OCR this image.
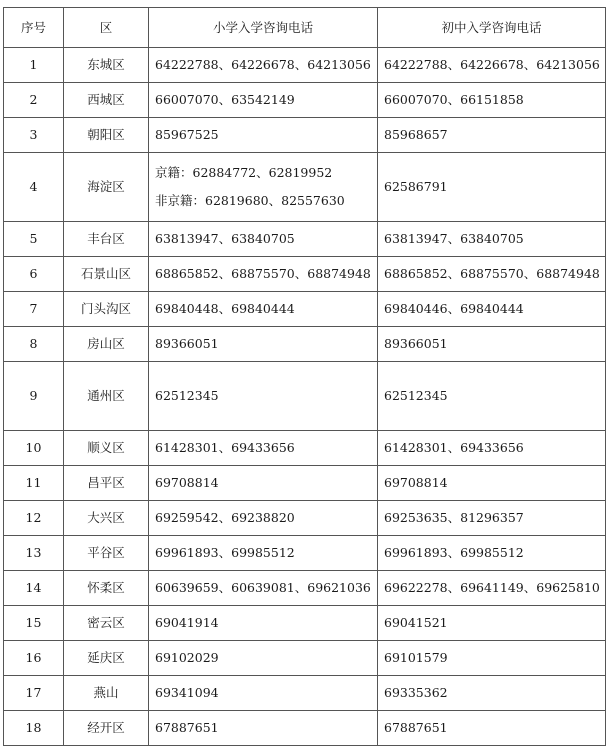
序号	区	小学入学咨询电话	初中入学咨询电话
1	东城区	64222788、64226678、64213056	64222788、64226678、64213056
2	西城区	66007070、63542149	66007070、66151858
3	朝阳区	85967525	85968657
4	海淀区	京籍：62884772、62819952
非京籍：62819680、82557630	62586791
5	丰台区	63813947、63840705	63813947、63840705
6	石景山区	68865852、68875570、68874948	68865852、68875570、68874948
7	门头沟区	69840448、69840444	69840446、69840444
8	房山区	89366051	89366051
9	通州区	62512345	62512345
10	顺义区	61428301、69433656	61428301、69433656
11	昌平区	69708814	69708814
12	大兴区	69259542、69238820	69253635、81296357
13	平谷区	69961893、69985512	69961893、69985512
14	怀柔区	60639659、60639081、69621036	69622278、69641149、69625810
15	密云区	69041914	69041521
16	延庆区	69102029	69101579
17	燕山	69341094	69335362
18	经开区	67887651	67887651
